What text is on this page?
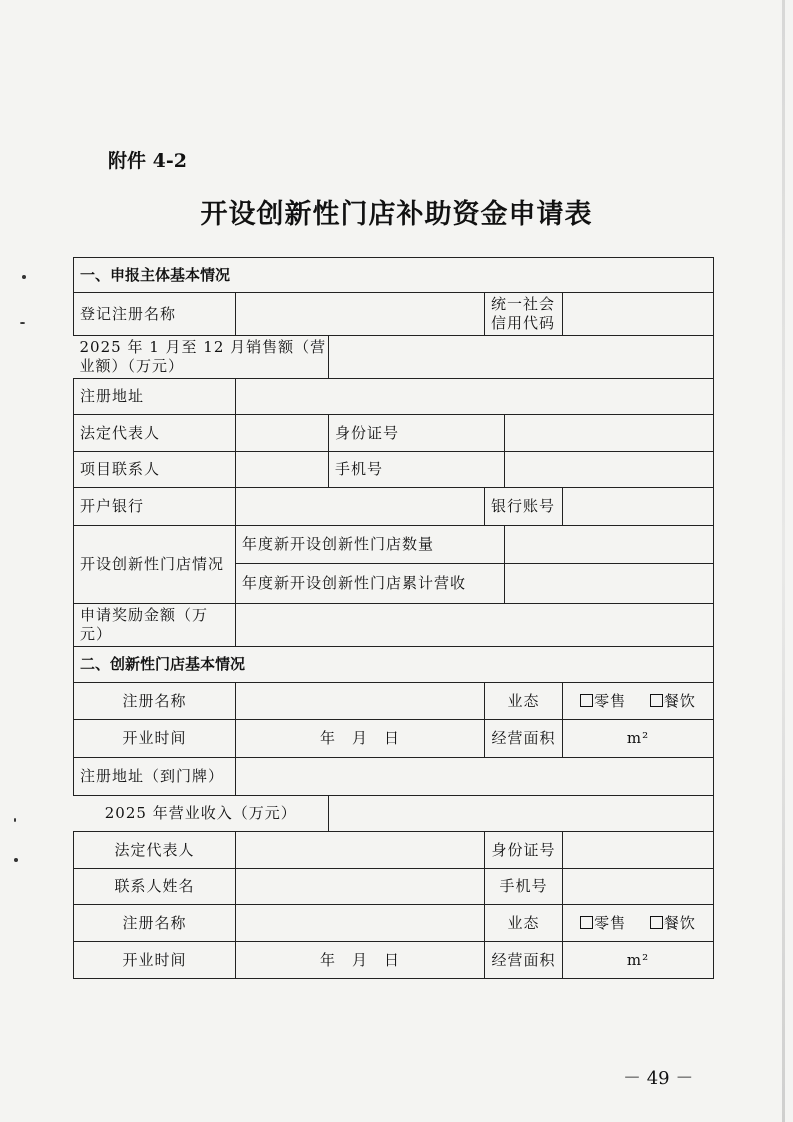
附件 4-2
开设创新性门店补助资金申请表
一、申报主体基本情况
登记注册名称		统一社会信用代码	

2025 年 1 月至 12 月销售额（营业额）（万元）	

注册地址	
法定代表人		身份证号	
项目联系人		手机号	
开户银行		银行账号	
开设创新性门店情况	年度新开设创新性门店数量	
年度新开设创新性门店累计营收	
申请奖励金额（万元）	
二、创新性门店基本情况
注册名称		业态	零售	餐饮
开业时间	年　月　日	经营面积	m²
注册地址（到门牌）	

2025 年营业收入（万元）	

法定代表人		身份证号	
联系人姓名		手机号	
注册名称		业态	零售	餐饮
开业时间	年　月　日	经营面积	m²
－ 49 －
